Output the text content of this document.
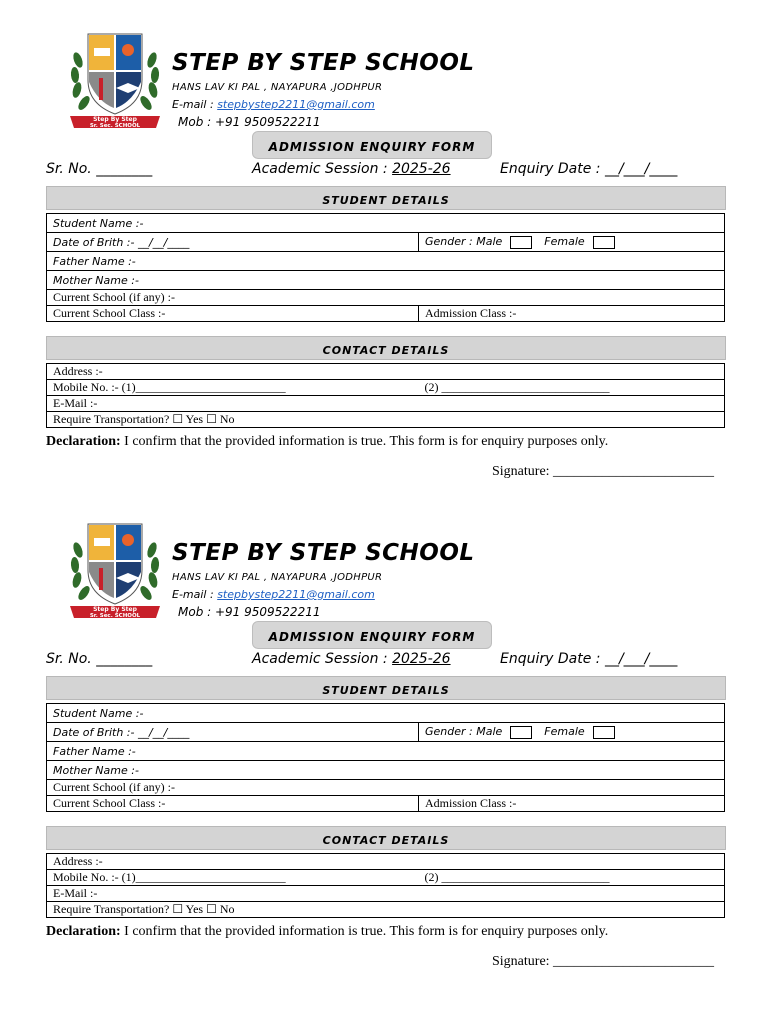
Step By Step
Sr. Sec. SCHOOL
STEP BY STEP SCHOOL
HANS LAV KI PAL , NAYAPURA ,JODHPUR
E-mail : stepbystep2211@gmail.com
Mob : +91 9509522211
ADMISSION ENQUIRY FORM
Sr. No. ________	Academic Session : 2025-26	Enquiry Date : __/___/____
STUDENT DETAILS
Student Name :-	
Date of Brith :- __/__/____	Gender : Male Female
Father Name :-	
Mother Name :-	
Current School (if any) :-	
Current School Class :-	Admission Class :-
CONTACT DETAILS
Address :-
Mobile No. :- (1)_________________________	(2) ____________________________
E-Mail :-
Require Transportation? ☐ Yes ☐ No
Declaration: I confirm that the provided information is true. This form is for enquiry purposes only.
Signature: _______________________
Step By Step
Sr. Sec. SCHOOL
STEP BY STEP SCHOOL
HANS LAV KI PAL , NAYAPURA ,JODHPUR
E-mail : stepbystep2211@gmail.com
Mob : +91 9509522211
ADMISSION ENQUIRY FORM
Sr. No. ________	Academic Session : 2025-26	Enquiry Date : __/___/____
STUDENT DETAILS
Student Name :-	
Date of Brith :- __/__/____	Gender : Male Female
Father Name :-	
Mother Name :-	
Current School (if any) :-	
Current School Class :-	Admission Class :-
CONTACT DETAILS
Address :-
Mobile No. :- (1)_________________________	(2) ____________________________
E-Mail :-
Require Transportation? ☐ Yes ☐ No
Declaration: I confirm that the provided information is true. This form is for enquiry purposes only.
Signature: _______________________
